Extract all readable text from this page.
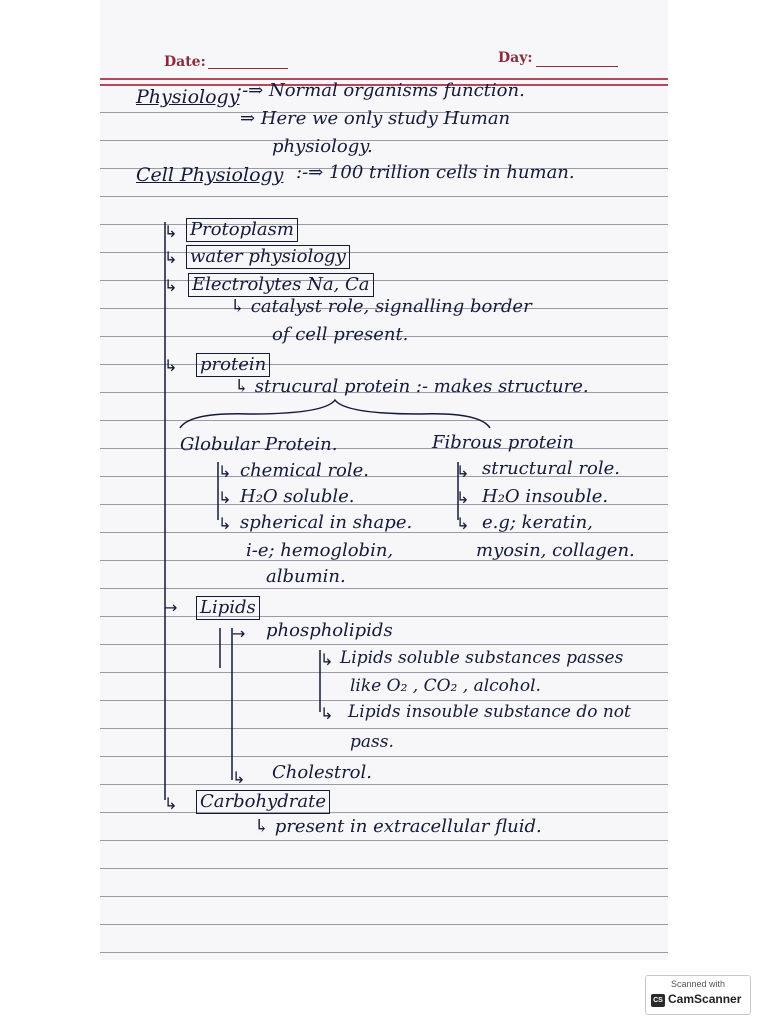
Date:	Day:
Physiology
:-⇒ Normal organisms function.
⇒ Here we only study Human
physiology.
Cell Physiology :-⇒ 100 trillion cells in human.
↳ Protoplasm
↳ water physiology
↳ Electrolytes Na, Ca
↳ catalyst role, signalling border
of cell present.
↳ protein
↳ strucural protein :- makes structure.
Globular Protein.
↳ chemical role.
↳ H₂O soluble.
↳ spherical in shape.
i-e; hemoglobin,
albumin.
Fibrous protein
↳ structural role.
↳ H₂O insouble.
↳ e.g; keratin,
myosin, collagen.
→ Lipids
→ phospholipids
↳ Lipids soluble substances passes
like O₂ , CO₂ , alcohol.
↳ Lipids insouble substance do not
pass.
↳ Cholestrol.
↳ Carbohydrate
↳ present in extracellular fluid.
Scanned with
CS CamScanner
